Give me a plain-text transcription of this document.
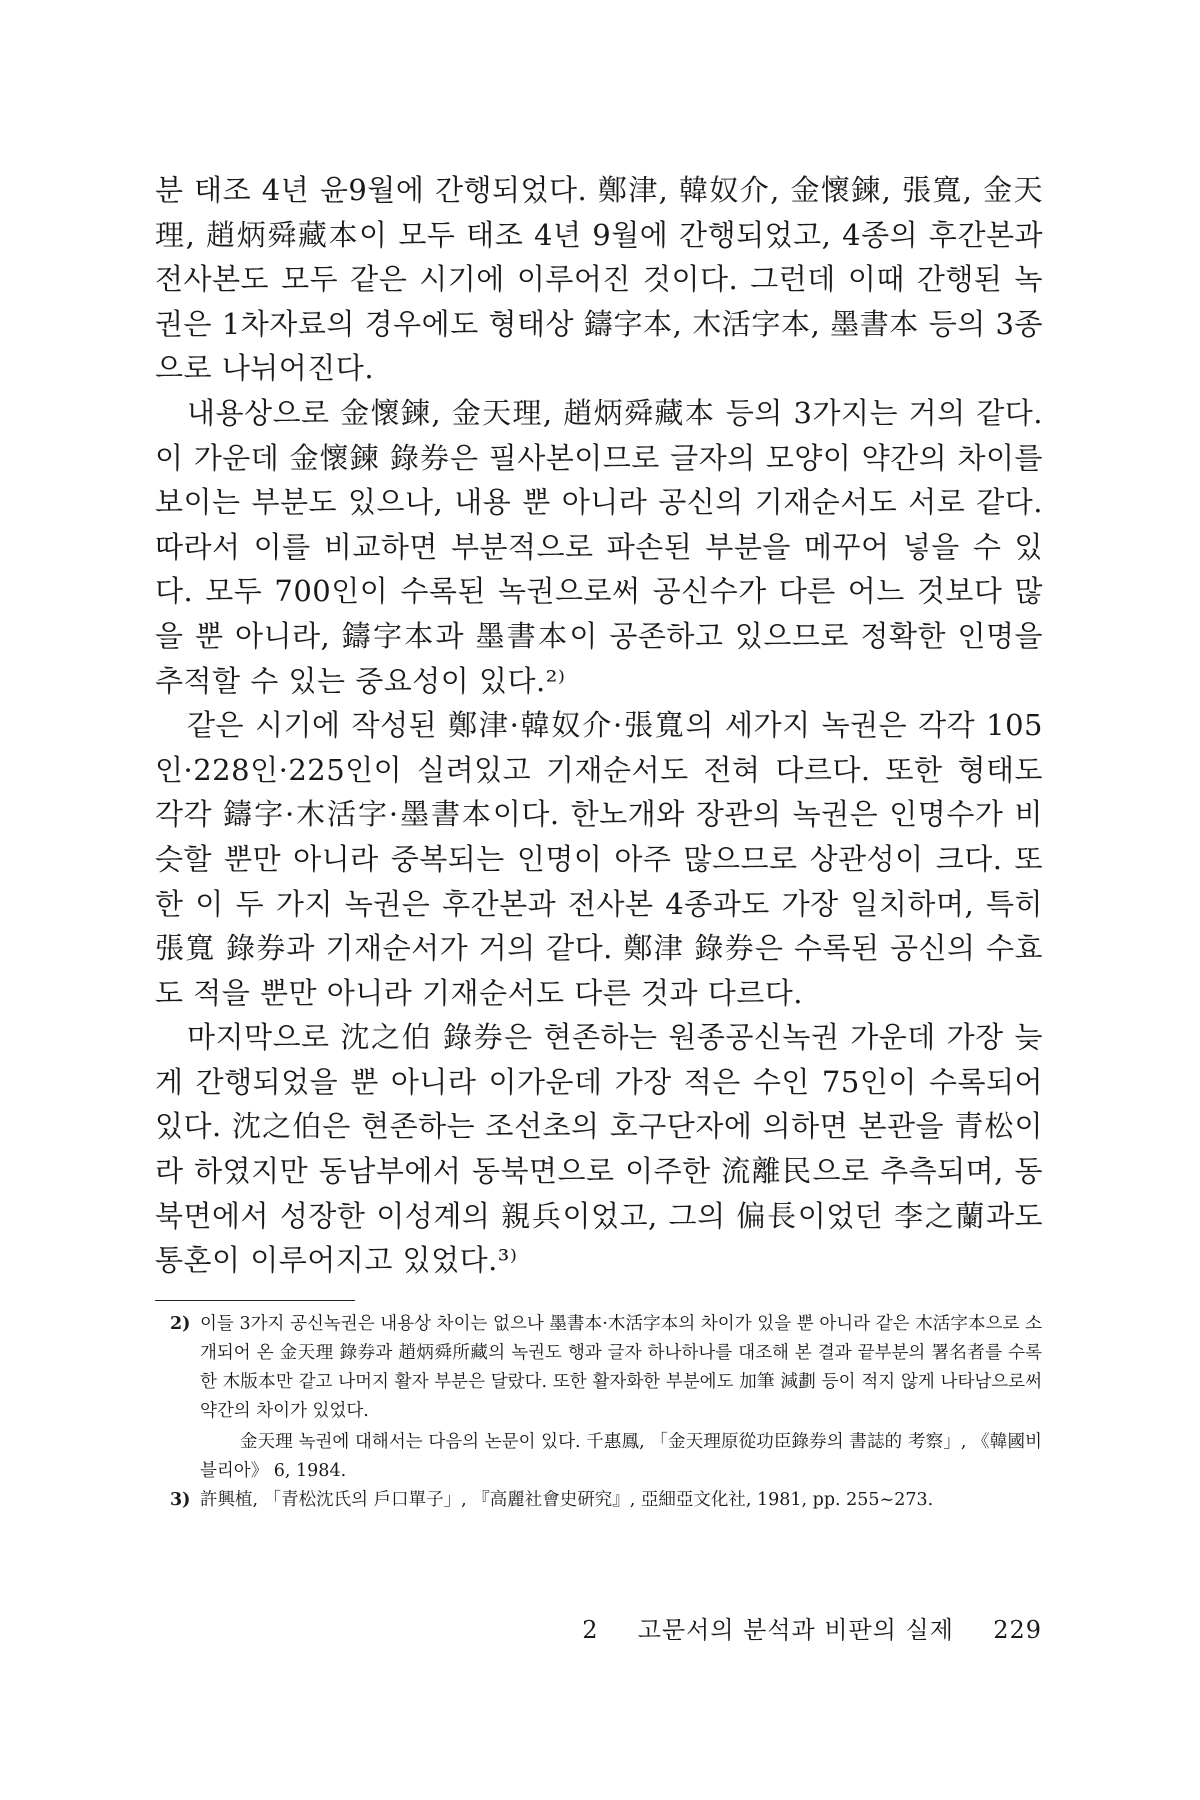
분 태조 4년 윤9월에 간행되었다. 鄭津, 韓奴介, 金懷鍊, 張寬, 金天理, 趙炳舜藏本이 모두 태조 4년 9월에 간행되었고, 4종의 후간본과 전사본도 모두 같은 시기에 이루어진 것이다. 그런데 이때 간행된 녹권은 1차자료의 경우에도 형태상 鑄字本, 木活字本, 墨書本 등의 3종으로 나뉘어진다.

내용상으로 金懷鍊, 金天理, 趙炳舜藏本 등의 3가지는 거의 같다. 이 가운데 金懷鍊 錄券은 필사본이므로 글자의 모양이 약간의 차이를 보이는 부분도 있으나, 내용 뿐 아니라 공신의 기재순서도 서로 같다. 따라서 이를 비교하면 부분적으로 파손된 부분을 메꾸어 넣을 수 있다. 모두 700인이 수록된 녹권으로써 공신수가 다른 어느 것보다 많을 뿐 아니라, 鑄字本과 墨書本이 공존하고 있으므로 정확한 인명을 추적할 수 있는 중요성이 있다.²⁾

같은 시기에 작성된 鄭津·韓奴介·張寬의 세가지 녹권은 각각 105인·228인·225인이 실려있고 기재순서도 전혀 다르다. 또한 형태도 각각 鑄字·木活字·墨書本이다. 한노개와 장관의 녹권은 인명수가 비슷할 뿐만 아니라 중복되는 인명이 아주 많으므로 상관성이 크다. 또한 이 두 가지 녹권은 후간본과 전사본 4종과도 가장 일치하며, 특히 張寬 錄券과 기재순서가 거의 같다. 鄭津 錄券은 수록된 공신의 수효도 적을 뿐만 아니라 기재순서도 다른 것과 다르다.

마지막으로 沈之伯 錄券은 현존하는 원종공신녹권 가운데 가장 늦게 간행되었을 뿐 아니라 이가운데 가장 적은 수인 75인이 수록되어 있다. 沈之伯은 현존하는 조선초의 호구단자에 의하면 본관을 青松이라 하였지만 동남부에서 동북면으로 이주한 流離民으로 추측되며, 동북면에서 성장한 이성계의 親兵이었고, 그의 偏長이었던 李之蘭과도 통혼이 이루어지고 있었다.³⁾

2) 이들 3가지 공신녹권은 내용상 차이는 없으나 墨書本·木活字本의 차이가 있을 뿐 아니라 같은 木活字本으로 소개되어 온 金天理 錄券과 趙炳舜所藏의 녹권도 행과 글자 하나하나를 대조해 본 결과 끝부분의 署名者를 수록한 木版本만 같고 나머지 활자 부분은 달랐다. 또한 활자화한 부분에도 加筆 減劃 등이 적지 않게 나타남으로써 약간의 차이가 있었다.

金天理 녹권에 대해서는 다음의 논문이 있다. 千惠鳳, 「金天理原從功臣錄券의 書誌的 考察」, 《韓國비블리아》 6, 1984.

3) 許興植, 「青松沈氏의 戶口單子」, 『高麗社會史硏究』, 亞細亞文化社, 1981, pp. 255~273.
2 고문서의 분석과 비판의 실제 229
